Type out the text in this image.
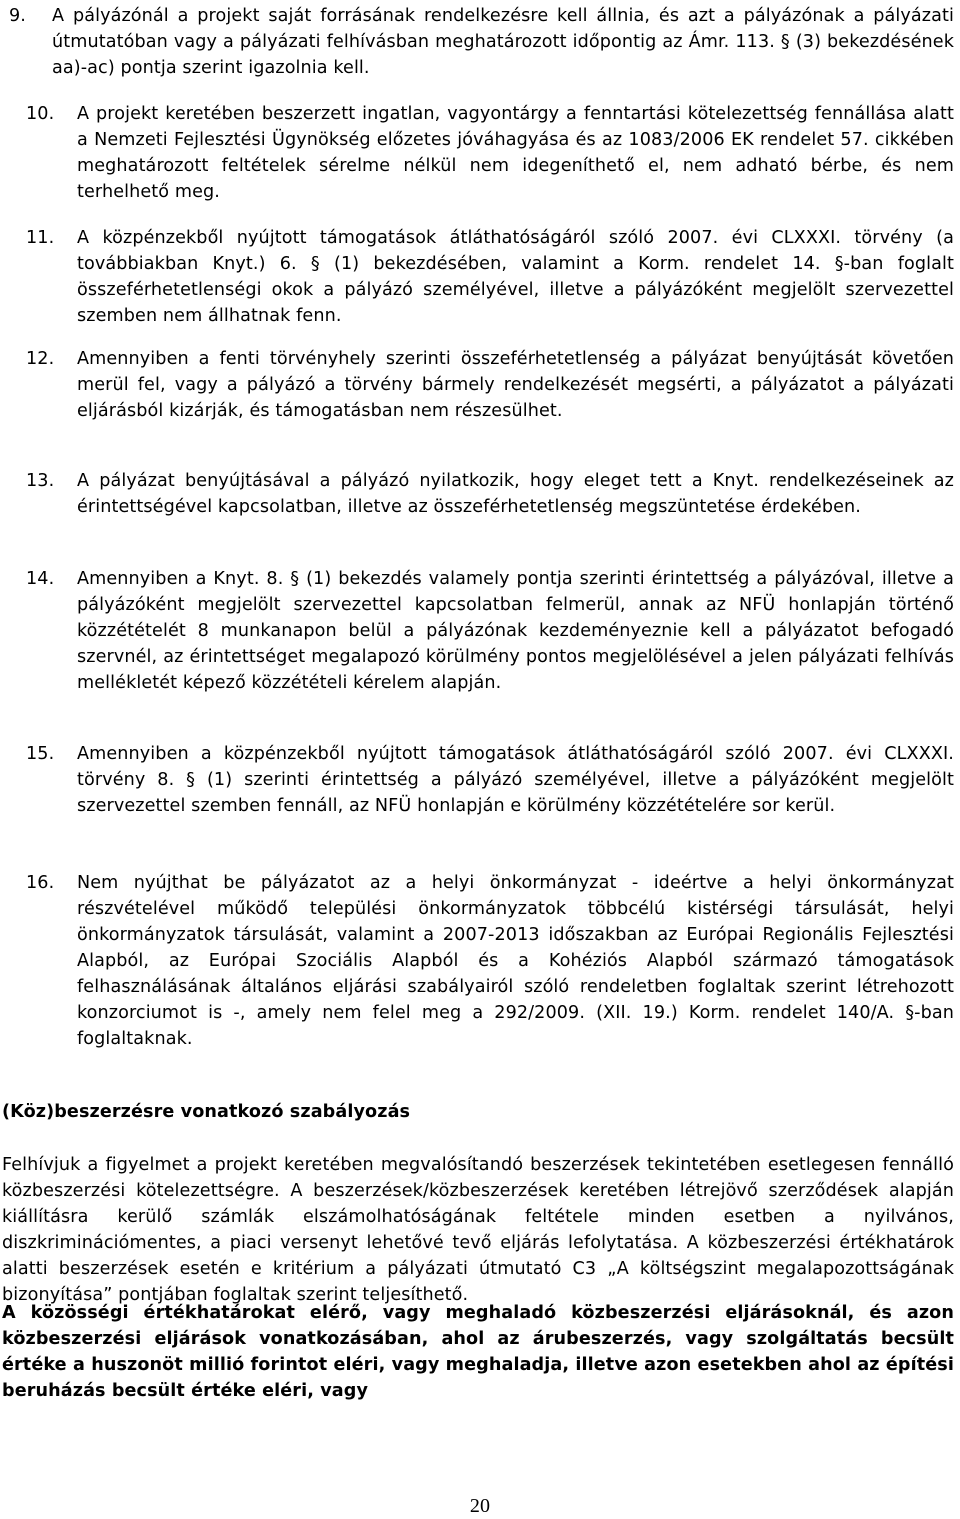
9.	A pályázónál a projekt saját forrásának rendelkezésre kell állnia, és azt a pályázónak a pályázati útmutatóban vagy a pályázati felhívásban meghatározott időpontig az Ámr. 113. § (3) bekezdésének aa)-ac) pontja szerint igazolnia kell.
10.	A projekt keretében beszerzett ingatlan, vagyontárgy a fenntartási kötelezettség fennállása alatt a Nemzeti Fejlesztési Ügynökség előzetes jóváhagyása és az 1083/2006 EK rendelet 57. cikkében meghatározott feltételek sérelme nélkül nem idegeníthető el, nem adható bérbe, és nem terhelhető meg.
11.	A közpénzekből nyújtott támogatások átláthatóságáról szóló 2007. évi CLXXXI. törvény (a továbbiakban Knyt.) 6. § (1) bekezdésében, valamint a Korm. rendelet 14. §-ban foglalt összeférhetetlenségi okok a pályázó személyével, illetve a pályázóként megjelölt szervezettel szemben nem állhatnak fenn.
12.	Amennyiben a fenti törvényhely szerinti összeférhetetlenség a pályázat benyújtását követően merül fel, vagy a pályázó a törvény bármely rendelkezését megsérti, a pályázatot a pályázati eljárásból kizárják, és támogatásban nem részesülhet.
13.	A pályázat benyújtásával a pályázó nyilatkozik, hogy eleget tett a Knyt. rendelkezéseinek az érintettségével kapcsolatban, illetve az összeférhetetlenség megszüntetése érdekében.
14.	Amennyiben a Knyt. 8. § (1) bekezdés valamely pontja szerinti érintettség a pályázóval, illetve a pályázóként megjelölt szervezettel kapcsolatban felmerül, annak az NFÜ honlapján történő közzétételét 8 munkanapon belül a pályázónak kezdeményeznie kell a pályázatot befogadó szervnél, az érintettséget megalapozó körülmény pontos megjelölésével a jelen pályázati felhívás mellékletét képező közzétételi kérelem alapján.
15.	Amennyiben a közpénzekből nyújtott támogatások átláthatóságáról szóló 2007. évi CLXXXI. törvény 8. § (1) szerinti érintettség a pályázó személyével, illetve a pályázóként megjelölt szervezettel szemben fennáll, az NFÜ honlapján e körülmény közzétételére sor kerül.
16.	Nem nyújthat be pályázatot az a helyi önkormányzat - ideértve a helyi önkormányzat részvételével működő települési önkormányzatok többcélú kistérségi társulását, helyi önkormányzatok társulását, valamint a 2007-2013 időszakban az Európai Regionális Fejlesztési Alapból, az Európai Szociális Alapból és a Kohéziós Alapból származó támogatások felhasználásának általános eljárási szabályairól szóló rendeletben foglaltak szerint létrehozott konzorciumot is -, amely nem felel meg a 292/2009. (XII. 19.) Korm. rendelet 140/A. §-ban foglaltaknak.
(Köz)beszerzésre vonatkozó szabályozás
Felhívjuk a figyelmet a projekt keretében megvalósítandó beszerzések tekintetében esetlegesen fennálló közbeszerzési kötelezettségre. A beszerzések/közbeszerzések keretében létrejövő szerződések alapján kiállításra kerülő számlák elszámolhatóságának feltétele minden esetben a nyilvános, diszkriminációmentes, a piaci versenyt lehetővé tevő eljárás lefolytatása. A közbeszerzési értékhatárok alatti beszerzések esetén e kritérium a pályázati útmutató C3 „A költségszint megalapozottságának bizonyítása” pontjában foglaltak szerint teljesíthető.
A közösségi értékhatárokat elérő, vagy meghaladó közbeszerzési eljárásoknál, és azon közbeszerzési eljárások vonatkozásában, ahol az árubeszerzés, vagy szolgáltatás becsült értéke a huszonöt millió forintot eléri, vagy meghaladja, illetve azon esetekben ahol az építési beruházás becsült értéke eléri, vagy
20
